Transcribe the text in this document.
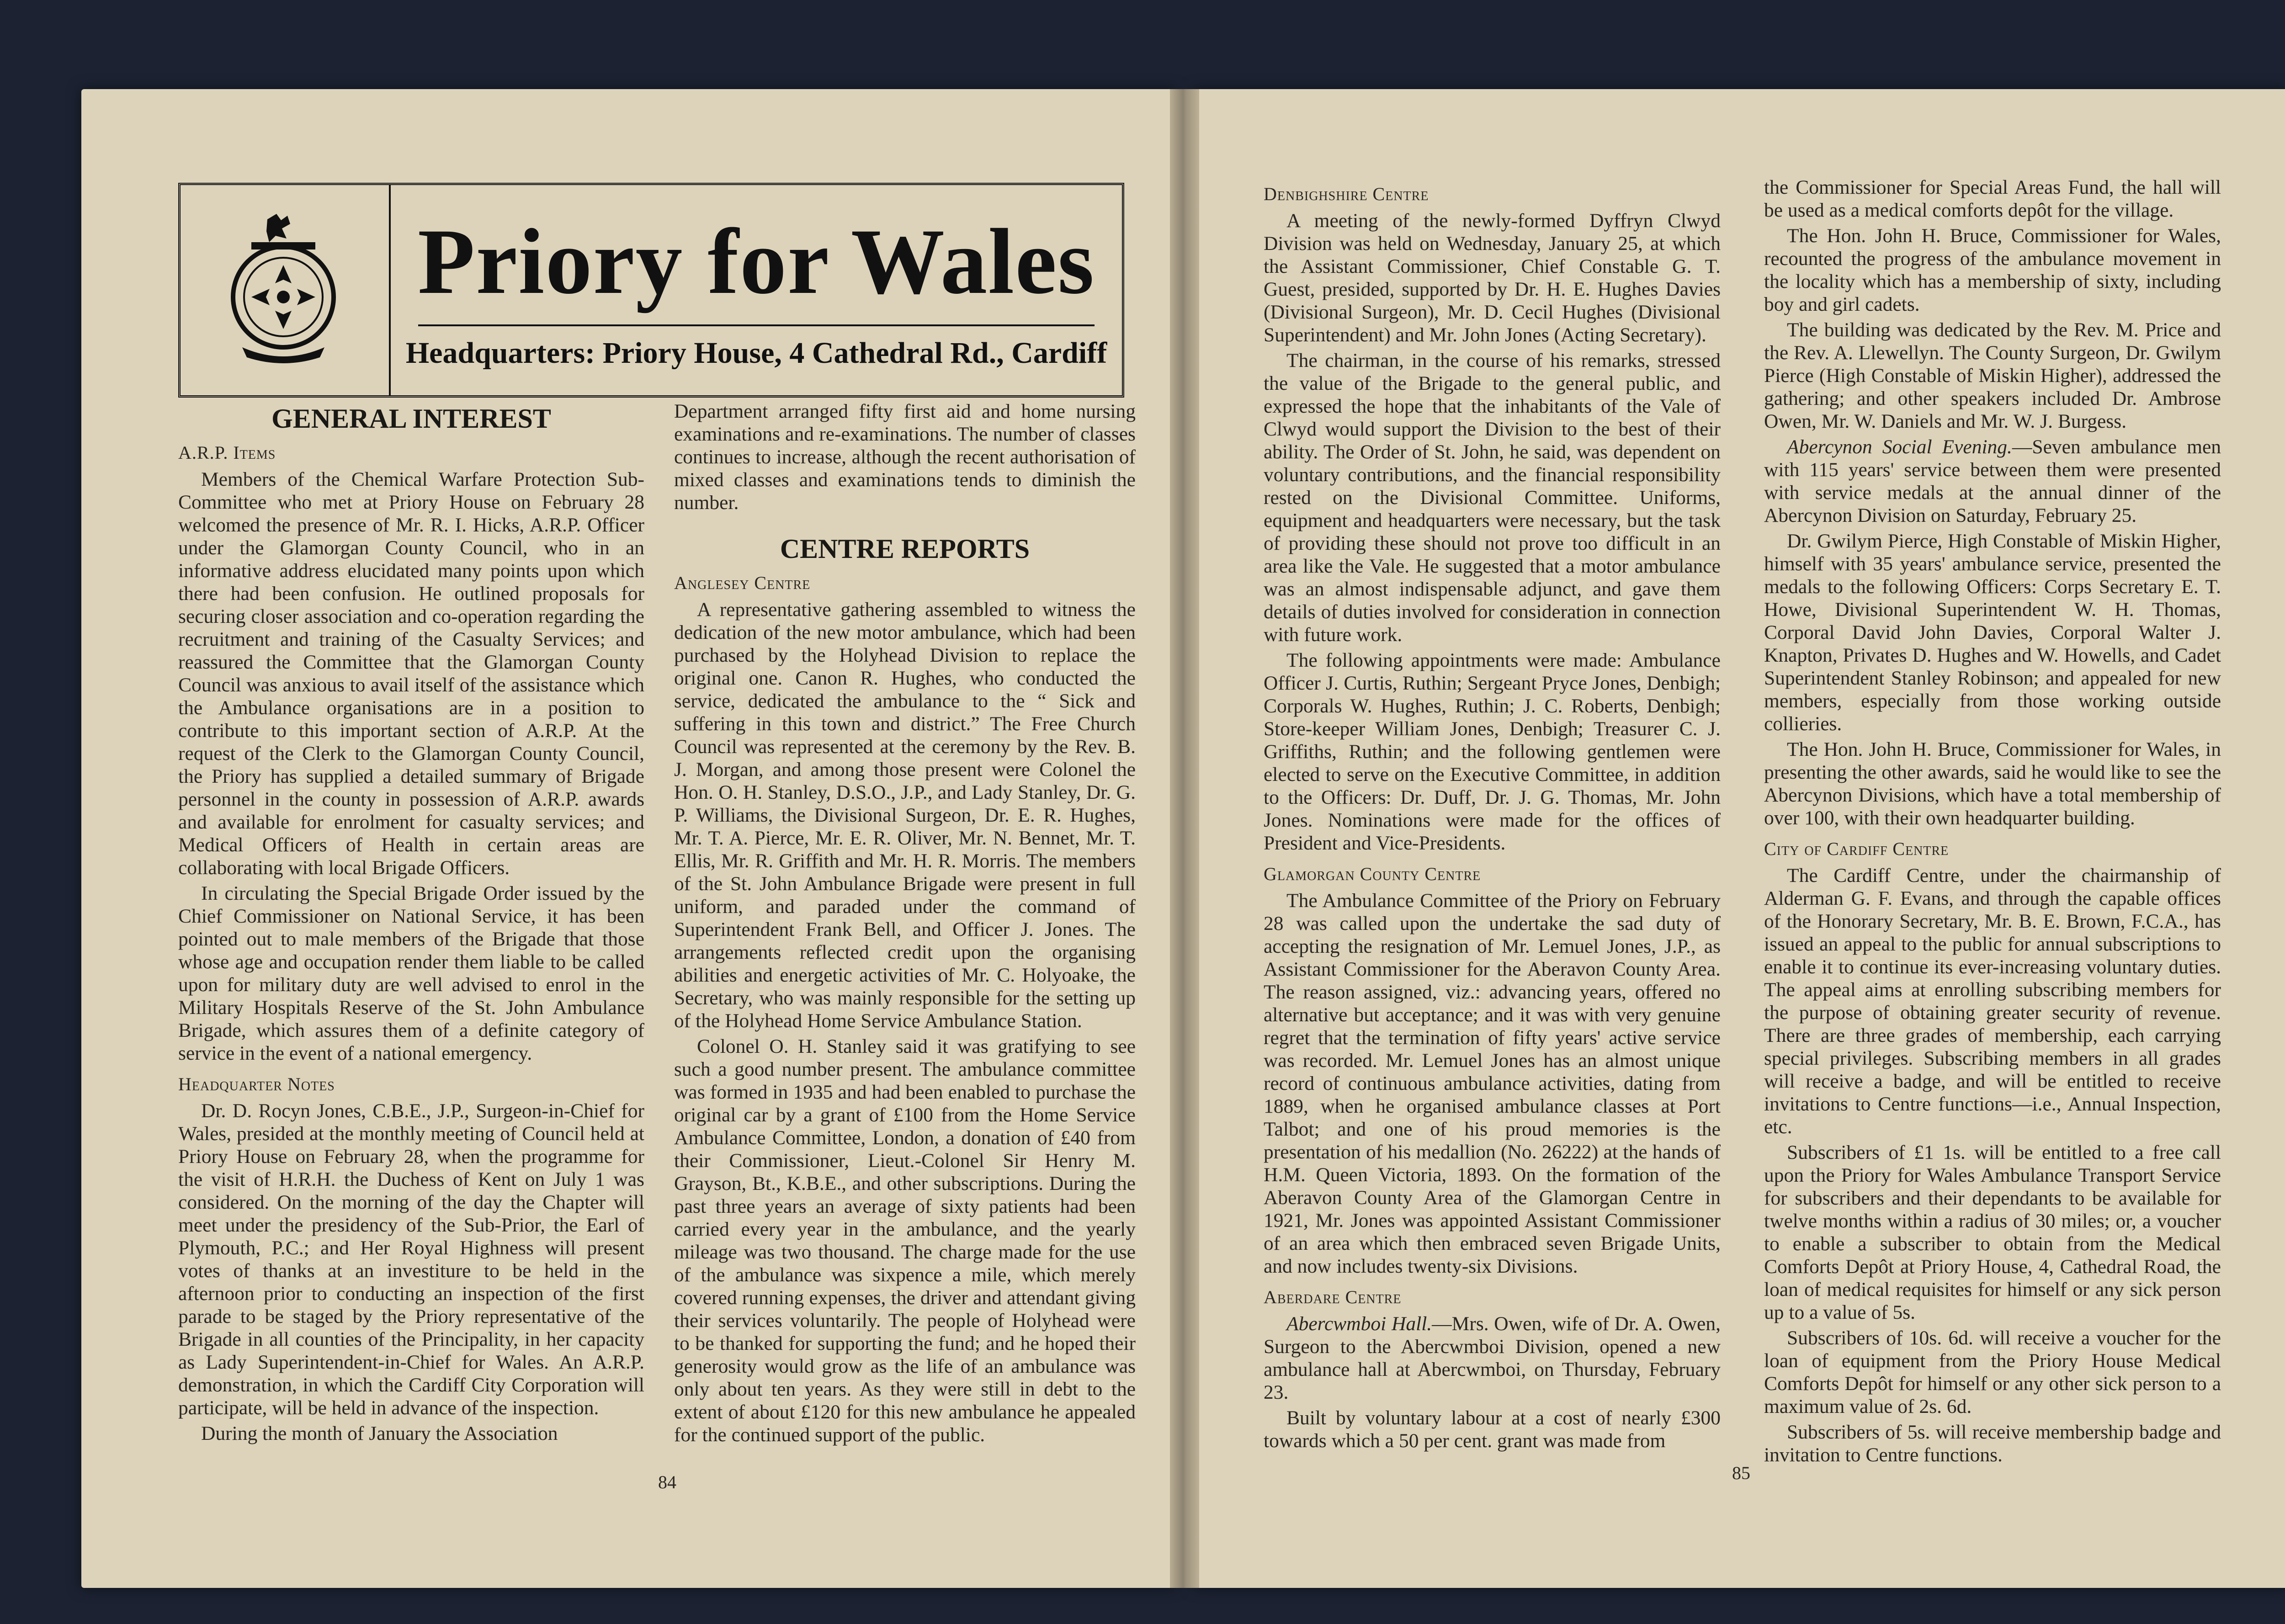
Priory for Wales
Headquarters: Priory House, 4 Cathedral Rd., Cardiff
GENERAL INTEREST
A.R.P. Items

Members of the Chemical Warfare Protection Sub-Committee who met at Priory House on February 28 welcomed the presence of Mr. R. I. Hicks, A.R.P. Officer under the Glamorgan County Council, who in an informative address elucidated many points upon which there had been confusion. He outlined proposals for securing closer association and co-operation regarding the recruitment and training of the Casualty Services; and reassured the Committee that the Glamorgan County Council was anxious to avail itself of the assistance which the Ambulance organisations are in a position to contribute to this important section of A.R.P. At the request of the Clerk to the Glamorgan County Council, the Priory has supplied a detailed summary of Brigade personnel in the county in possession of A.R.P. awards and available for enrolment for casualty services; and Medical Officers of Health in certain areas are collaborating with local Brigade Officers.

In circulating the Special Brigade Order issued by the Chief Commissioner on National Service, it has been pointed out to male members of the Brigade that those whose age and occupation render them liable to be called upon for military duty are well advised to enrol in the Military Hospitals Reserve of the St. John Ambulance Brigade, which assures them of a definite category of service in the event of a national emergency.

Headquarter Notes

Dr. D. Rocyn Jones, C.B.E., J.P., Surgeon-in-Chief for Wales, presided at the monthly meeting of Council held at Priory House on February 28, when the programme for the visit of H.R.H. the Duchess of Kent on July 1 was considered. On the morning of the day the Chapter will meet under the presidency of the Sub-Prior, the Earl of Plymouth, P.C.; and Her Royal Highness will present votes of thanks at an investiture to be held in the afternoon prior to conducting an inspection of the first parade to be staged by the Priory representative of the Brigade in all counties of the Principality, in her capacity as Lady Superintendent-in-Chief for Wales. An A.R.P. demonstration, in which the Cardiff City Corporation will participate, will be held in advance of the inspection.

During the month of January the Association

Department arranged fifty first aid and home nursing examinations and re-examinations. The number of classes continues to increase, although the recent authorisation of mixed classes and examinations tends to diminish the number.

CENTRE REPORTS
Anglesey Centre

A representative gathering assembled to witness the dedication of the new motor ambulance, which had been purchased by the Holyhead Division to replace the original one. Canon R. Hughes, who conducted the service, dedicated the ambulance to the “ Sick and suffering in this town and district.” The Free Church Council was represented at the ceremony by the Rev. B. J. Morgan, and among those present were Colonel the Hon. O. H. Stanley, D.S.O., J.P., and Lady Stanley, Dr. G. P. Williams, the Divisional Surgeon, Dr. E. R. Hughes, Mr. T. A. Pierce, Mr. E. R. Oliver, Mr. N. Bennet, Mr. T. Ellis, Mr. R. Griffith and Mr. H. R. Morris. The members of the St. John Ambulance Brigade were present in full uniform, and paraded under the command of Superintendent Frank Bell, and Officer J. Jones. The arrangements reflected credit upon the organising abilities and energetic activities of Mr. C. Holyoake, the Secretary, who was mainly responsible for the setting up of the Holyhead Home Service Ambulance Station.

Colonel O. H. Stanley said it was gratifying to see such a good number present. The ambulance committee was formed in 1935 and had been enabled to purchase the original car by a grant of £100 from the Home Service Ambulance Committee, London, a donation of £40 from their Commissioner, Lieut.-Colonel Sir Henry M. Grayson, Bt., K.B.E., and other subscriptions. During the past three years an average of sixty patients had been carried every year in the ambulance, and the yearly mileage was two thousand. The charge made for the use of the ambulance was sixpence a mile, which merely covered running expenses, the driver and attendant giving their services voluntarily. The people of Holyhead were to be thanked for supporting the fund; and he hoped their generosity would grow as the life of an ambulance was only about ten years. As they were still in debt to the extent of about £120 for this new ambulance he appealed for the continued support of the public.

84
Denbighshire Centre

A meeting of the newly-formed Dyffryn Clwyd Division was held on Wednesday, January 25, at which the Assistant Commissioner, Chief Constable G. T. Guest, presided, supported by Dr. H. E. Hughes Davies (Divisional Surgeon), Mr. D. Cecil Hughes (Divisional Superintendent) and Mr. John Jones (Acting Secretary).

The chairman, in the course of his remarks, stressed the value of the Brigade to the general public, and expressed the hope that the inhabitants of the Vale of Clwyd would support the Division to the best of their ability. The Order of St. John, he said, was dependent on voluntary contributions, and the financial responsibility rested on the Divisional Committee. Uniforms, equipment and headquarters were necessary, but the task of providing these should not prove too difficult in an area like the Vale. He suggested that a motor ambulance was an almost indispensable adjunct, and gave them details of duties involved for consideration in connection with future work.

The following appointments were made: Ambulance Officer J. Curtis, Ruthin; Sergeant Pryce Jones, Denbigh; Corporals W. Hughes, Ruthin; J. C. Roberts, Denbigh; Store-keeper William Jones, Denbigh; Treasurer C. J. Griffiths, Ruthin; and the following gentlemen were elected to serve on the Executive Committee, in addition to the Officers: Dr. Duff, Dr. J. G. Thomas, Mr. John Jones. Nominations were made for the offices of President and Vice-Presidents.

Glamorgan County Centre

The Ambulance Committee of the Priory on February 28 was called upon the undertake the sad duty of accepting the resignation of Mr. Lemuel Jones, J.P., as Assistant Commissioner for the Aberavon County Area. The reason assigned, viz.: advancing years, offered no alternative but acceptance; and it was with very genuine regret that the termination of fifty years' active service was recorded. Mr. Lemuel Jones has an almost unique record of continuous ambulance activities, dating from 1889, when he organised ambulance classes at Port Talbot; and one of his proud memories is the presentation of his medallion (No. 26222) at the hands of H.M. Queen Victoria, 1893. On the formation of the Aberavon County Area of the Glamorgan Centre in 1921, Mr. Jones was appointed Assistant Commissioner of an area which then embraced seven Brigade Units, and now includes twenty-six Divisions.

Aberdare Centre

Abercwmboi Hall.—Mrs. Owen, wife of Dr. A. Owen, Surgeon to the Abercwmboi Division, opened a new ambulance hall at Abercwmboi, on Thursday, February 23.

Built by voluntary labour at a cost of nearly £300 towards which a 50 per cent. grant was made from

the Commissioner for Special Areas Fund, the hall will be used as a medical comforts depôt for the village.

The Hon. John H. Bruce, Commissioner for Wales, recounted the progress of the ambulance movement in the locality which has a membership of sixty, including boy and girl cadets.

The building was dedicated by the Rev. M. Price and the Rev. A. Llewellyn. The County Surgeon, Dr. Gwilym Pierce (High Constable of Miskin Higher), addressed the gathering; and other speakers included Dr. Ambrose Owen, Mr. W. Daniels and Mr. W. J. Burgess.

Abercynon Social Evening.—Seven ambulance men with 115 years' service between them were presented with service medals at the annual dinner of the Abercynon Division on Saturday, February 25.

Dr. Gwilym Pierce, High Constable of Miskin Higher, himself with 35 years' ambulance service, presented the medals to the following Officers: Corps Secretary E. T. Howe, Divisional Superintendent W. H. Thomas, Corporal David John Davies, Corporal Walter J. Knapton, Privates D. Hughes and W. Howells, and Cadet Superintendent Stanley Robinson; and appealed for new members, especially from those working outside collieries.

The Hon. John H. Bruce, Commissioner for Wales, in presenting the other awards, said he would like to see the Abercynon Divisions, which have a total membership of over 100, with their own headquarter building.

City of Cardiff Centre

The Cardiff Centre, under the chairmanship of Alderman G. F. Evans, and through the capable offices of the Honorary Secretary, Mr. B. E. Brown, F.C.A., has issued an appeal to the public for annual subscriptions to enable it to continue its ever-increasing voluntary duties. The appeal aims at enrolling subscribing members for the purpose of obtaining greater security of revenue. There are three grades of membership, each carrying special privileges. Subscribing members in all grades will receive a badge, and will be entitled to receive invitations to Centre functions—i.e., Annual Inspection, etc.

Subscribers of £1 1s. will be entitled to a free call upon the Priory for Wales Ambulance Transport Service for subscribers and their dependants to be available for twelve months within a radius of 30 miles; or, a voucher to enable a subscriber to obtain from the Medical Comforts Depôt at Priory House, 4, Cathedral Road, the loan of medical requisites for himself or any sick person up to a value of 5s.

Subscribers of 10s. 6d. will receive a voucher for the loan of equipment from the Priory House Medical Comforts Depôt for himself or any other sick person to a maximum value of 2s. 6d.

Subscribers of 5s. will receive membership badge and invitation to Centre functions.

85
